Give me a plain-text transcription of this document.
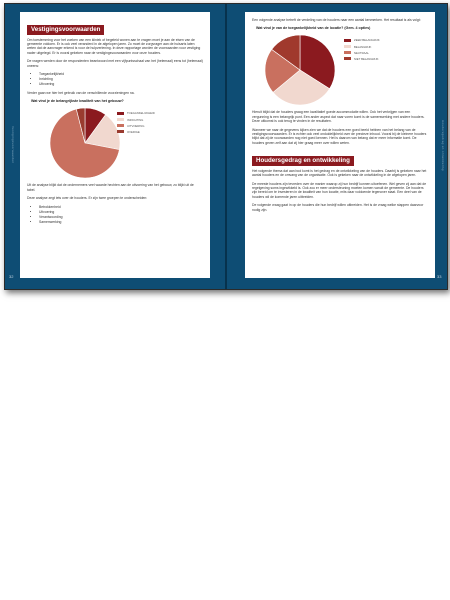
Vestigingsvoorwaarden
32
Houdersgedrag en ontwikkeling
33
Vestigingsvoorwaarden

Om toestemming voor het zoeken van een kliniek of begeleid wonen aan te vragen moet je aan de eisen van de gemeente voldoen. Er is ook veel veranderd in de afgelopen jaren. Zo moet de zorgvrager aan de huisarts laten weten dat de aanvrager erkend is voor de hulpverlening. In deze rapportage worden de voorwaarden voor vestiging nader uitgelegd. Er is vooral gekeken naar de vestigingsvoorwaarden voor onze houders.

De vragen werden door de respondenten beantwoord met een vijfpuntsschaal van het (helemaal) eens tot (helemaal) oneens:

• Toegankelijkheid
• Inrichting
• Uitvoering

Verder gaan we hier het gebruik van de verschillende voorzieningen na.

Wat vind je de belangrijkste kwaliteit van het gebouw?
TOEGANKELIJKHEID
INRICHTING
UITVOERING
OVERIGE

Uit de analyse blijkt dat de ondernemers veel waarde hechten aan de uitvoering van het gebouw, zo blijkt uit de tabel.

Deze analyse zegt iets over de houders. Er zijn twee groepen te onderscheiden:

• Betrokkenheid
• Uitvoering
• Verantwoording
• Samenwerking

Een volgende analyse betreft de verdeling van de houders naar een aantal kenmerken. Het resultaat is als volgt:

Wat vind je van de toegankelijkheid van de locatie? (Gem. 4 opties)
ZEER BELANGRIJK
BELANGRIJK
NEUTRAAL
NIET BELANGRIJK

Hieruit blijkt dat de houders graag een kwalitatief goede accommodatie willen. Ook het verkrijgen van een vergunning is een belangrijk punt. Een ander aspect dat naar voren komt is de samenwerking met andere houders. Deze uitkomst is ook terug te vinden in de resultaten.

Wanneer we naar de gegevens kijken zien we dat de houders een goed beeld hebben van het belang van de vestigingsvoorwaarden. Er is echter ook veel onduidelijkheid over de precieze inhoud. Vooral bij de kleinere houders blijkt dat zij de voorwaarden nog niet goed kennen. Het is daarom van belang dat er meer informatie komt. De houders geven zelf aan dat zij hier graag meer over willen weten.

Houdersgedrag en ontwikkeling

Het volgende thema dat aan bod komt is het gedrag en de ontwikkeling van de houders. Daarbij is gekeken naar het aantal houders en de omvang van de organisatie. Ook is gekeken naar de ontwikkeling in de afgelopen jaren.

De meeste houders zijn tevreden over de manier waarop zij hun bedrijf kunnen uitoefenen. Wel geven zij aan dat de regelgeving soms ingewikkeld is. Ook zou er meer ondersteuning moeten komen vanuit de gemeente. De houders zijn bereid om te investeren in de kwaliteit van hun locatie, mits daar voldoende tegenover staat. Een deel van de houders wil de komende jaren uitbreiden.

De volgende vraag gaat in op de houders die hun bedrijf willen uitbreiden. Het is de vraag welke stappen daarvoor nodig zijn.
